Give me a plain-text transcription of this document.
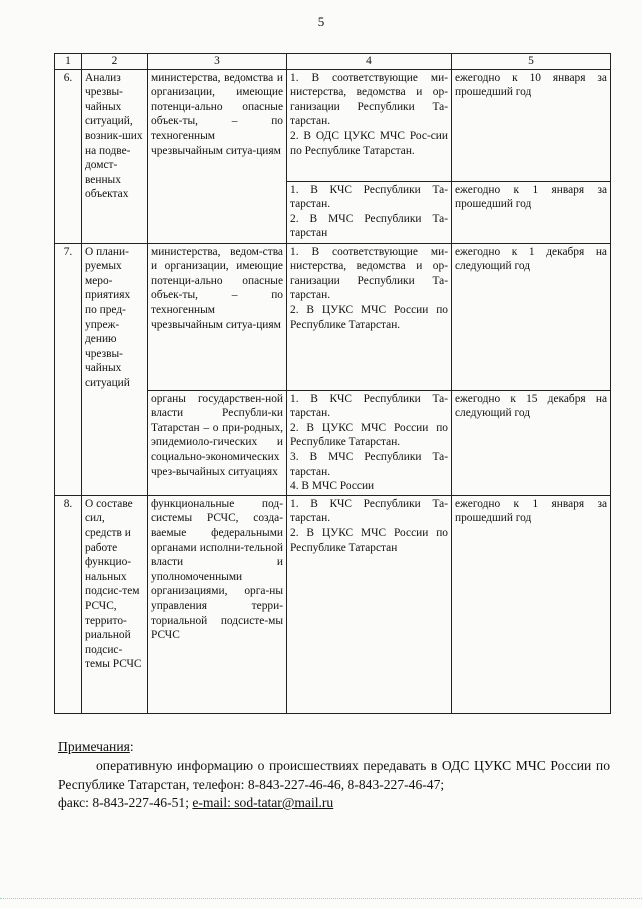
5
1	2	3	4	5
6.	Анализ чрезвы-чайных ситуаций, возник-ших на подве-домст-венных объектах	министерства, ведомства и организации, имеющие потенци-ально опасные объек-ты, – по техногенным чрезвычайным ситуа-циям	1. В соответствующие ми-нистерства, ведомства и ор-ганизации Республики Та-тарстан.

2. В ОДС ЦУКС МЧС Рос-сии по Республике Татарстан.	ежегодно к 10 января за прошедший год

			1. В КЧС Республики Та-тарстан.

2. В МЧС Республики Та-тарстан	ежегодно к 1 января за прошедший год
7.	О плани-руемых меро-приятиях по пред-упреж-дению чрезвы-чайных ситуаций	министерства, ведом-ства и организации, имеющие потенци-ально опасные объек-ты, – по техногенным чрезвычайным ситуа-циям	1. В соответствующие ми-нистерства, ведомства и ор-ганизации Республики Та-тарстан.

2. В ЦУКС МЧС России по Республике Татарстан.	ежегодно к 1 декабря на следующий год
		органы государствен-ной власти Республи-ки Татарстан – о при-родных, эпидемиоло-гических и социально-экономических чрез-вычайных ситуациях	1. В КЧС Республики Та-тарстан.

2. В ЦУКС МЧС России по Республике Татарстан.

3. В МЧС Республики Та-тарстан.

4. В МЧС России	ежегодно к 15 декабря на следующий год
8.	О составе сил, средств и работе функцио-нальных подсис-тем РСЧС, террито-риальной подсис-темы РСЧС	функциональные под-системы РСЧС, созда-ваемые федеральными органами исполни-тельной власти и уполномоченными организациями, орга-ны управления терри-ториальной подсисте-мы РСЧС	1. В КЧС Республики Та-тарстан.

2. В ЦУКС МЧС России по Республике Татарстан	ежегодно к 1 января за прошедший год
Примечания:

оперативную информацию о происшествиях передавать в ОДС ЦУКС МЧС России по Республике Татарстан, телефон: 8-843-227-46-46, 8-843-227-46-47;

факс: 8-843-227-46-51; e-mail: sod-tatar@mail.ru
